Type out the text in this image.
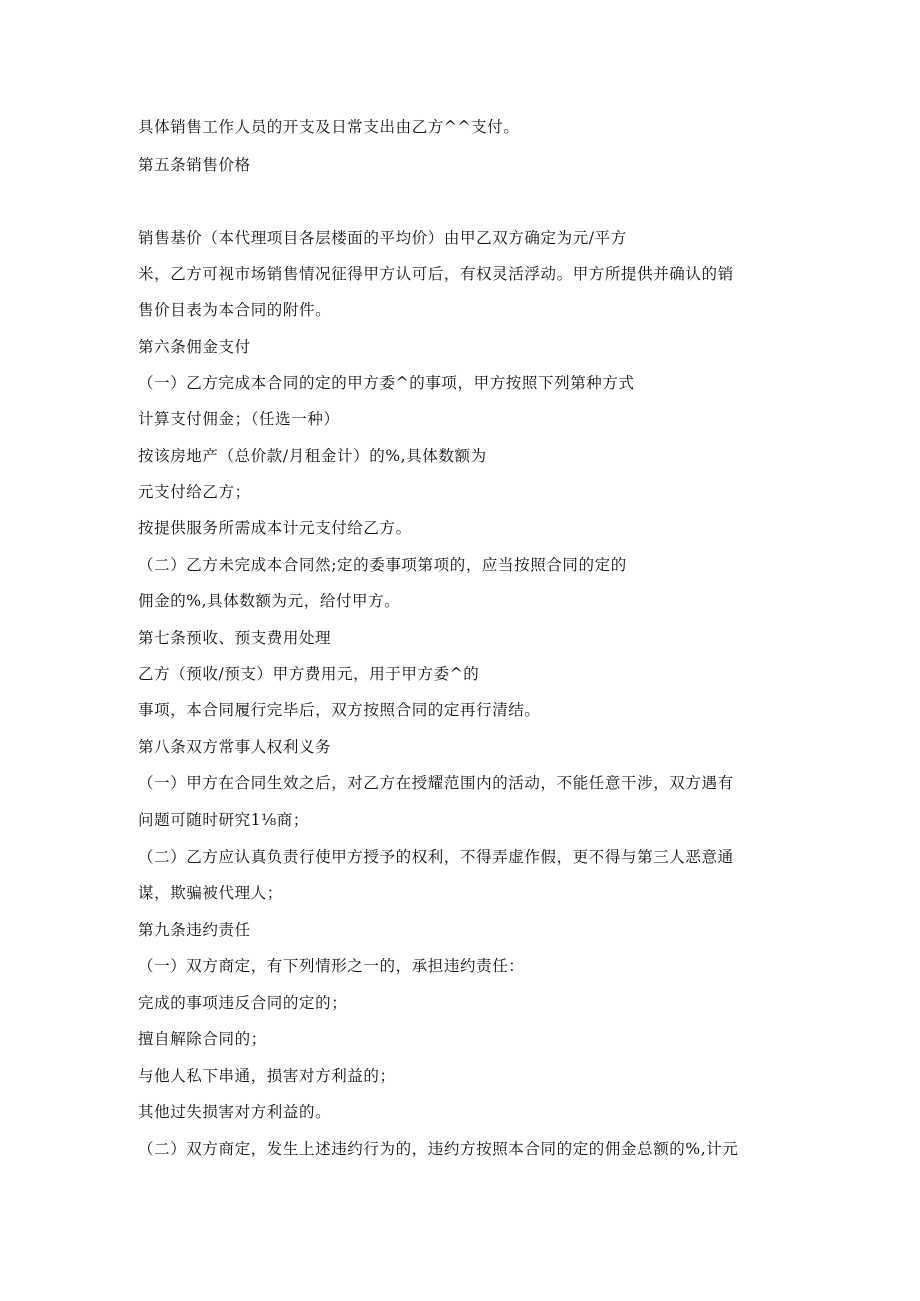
具体销售工作人员的开支及日常支出由乙方^^支付。
第五条销售价格
销售基价（本代理项目各层楼面的平均价）由甲乙双方确定为元/平方
米，乙方可视市场销售情况征得甲方认可后，有权灵活浮动。甲方所提供并确认的销
售价目表为本合同的附件。
第六条佣金支付
（一）乙方完成本合同的定的甲方委^的事项，甲方按照下列第种方式
计算支付佣金；（任选一种）
按该房地产（总价款/月租金计）的%,具体数额为
元支付给乙方；
按提供服务所需成本计元支付给乙方。
（二）乙方未完成本合同然;定的委事项第项的，应当按照合同的定的
佣金的%,具体数额为元，给付甲方。
第七条预收、预支费用处理
乙方（预收/预支）甲方费用元，用于甲方委^的
事项，本合同履行完毕后，双方按照合同的定再行清结。
第八条双方常事人权利义务
（一）甲方在合同生效之后，对乙方在授耀范围内的活动，不能任意干涉，双方遇有
问题可随时研究1⅛商；
（二）乙方应认真负责行使甲方授予的权利，不得弄虚作假，更不得与第三人恶意通
谋，欺骗被代理人；
第九条违约责任
（一）双方商定，有下列情形之一的，承担违约责任：
完成的事项违反合同的定的；
擅自解除合同的；
与他人私下串通，损害对方利益的；
其他过失损害对方利益的。
（二）双方商定，发生上述违约行为的，违约方按照本合同的定的佣金总额的%,计元
